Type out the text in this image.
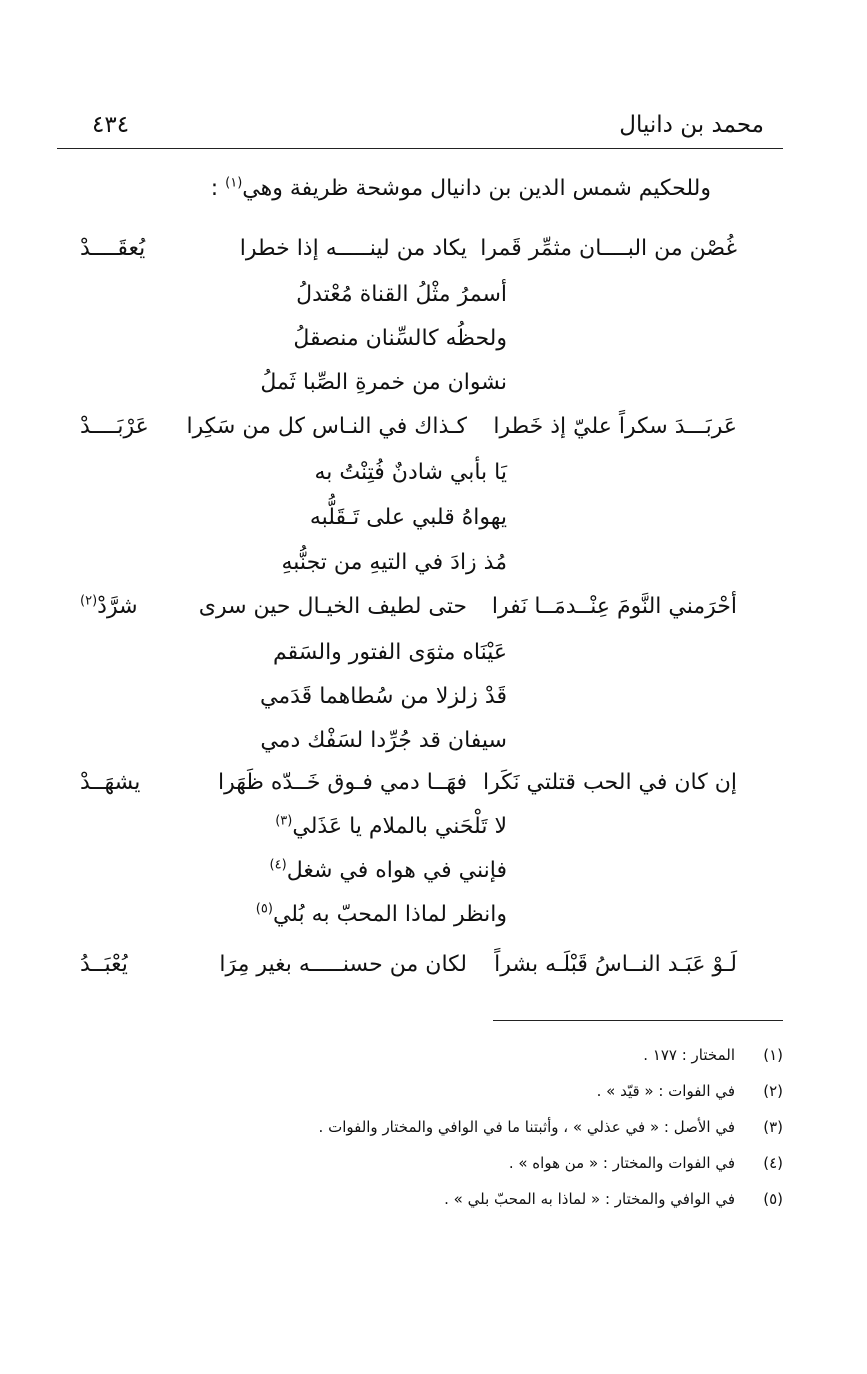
محمد بن دانيال
٤٣٤
وللحكيم شمس الدين بن دانيال موشحة ظريفة وهي$^{(١)}$ :
غُصْن من البــــان مثمِّر قَمرا
يكاد من لينـــــه إذا خطرا
يُعقَــــدْ
أسمرُ مثْلُ القناة مُعْتدلُ
ولحظُه كالسِّنان منصقلُ
نشوان من خمرةِ الصِّبا ثَملُ
عَربَـــدَ سكراً عليّ إذ خَطرا
كـذاك في النـاس كل من سَكِرا
عَرْبَــــدْ
يَا بأبي شادنٌ فُتِنْتُ به
يهواهُ قلبي على تَـقَلُّبه
مُذ زادَ في التيهِ من تجنُّبهِ
أحْرَمني النَّومَ عِنْــدمَــا نَفرا
حتى لطيف الخيـال حين سرى
شرَّدْ$^{(٢)}$
عَيْنَاه مثوَى الفتور والسَقم
قَدْ زلزلا من سُطاهما قَدَمي
سيفان قد جُرِّدا لسَفْك دمي
إن كان في الحب قتلتي نَكَرا
فهَــا دمي فـوق خَــدّه ظَهَرا
يشهَــدْ
لا تَلْحَني بالملام يا عَذَلي$^{(٣)}$
فإنني في هواه في شغل$^{(٤)}$
وانظر لماذا المحبّ به بُلي$^{(٥)}$
لَـوْ عَبَـد النــاسُ قَبْلَـه بشراً
لكان من حسنـــــه بغير مِرَا
يُعْبَــدُ
(١)
المختار : ١٧٧ .
(٢)
في الفوات : « قيّد » .
(٣)
في الأصل : « في عذلي » ، وأثبتنا ما في الوافي والمختار والفوات .
(٤)
في الفوات والمختار : « من هواه » .
(٥)
في الوافي والمختار : « لماذا به المحبّ بلي » .
